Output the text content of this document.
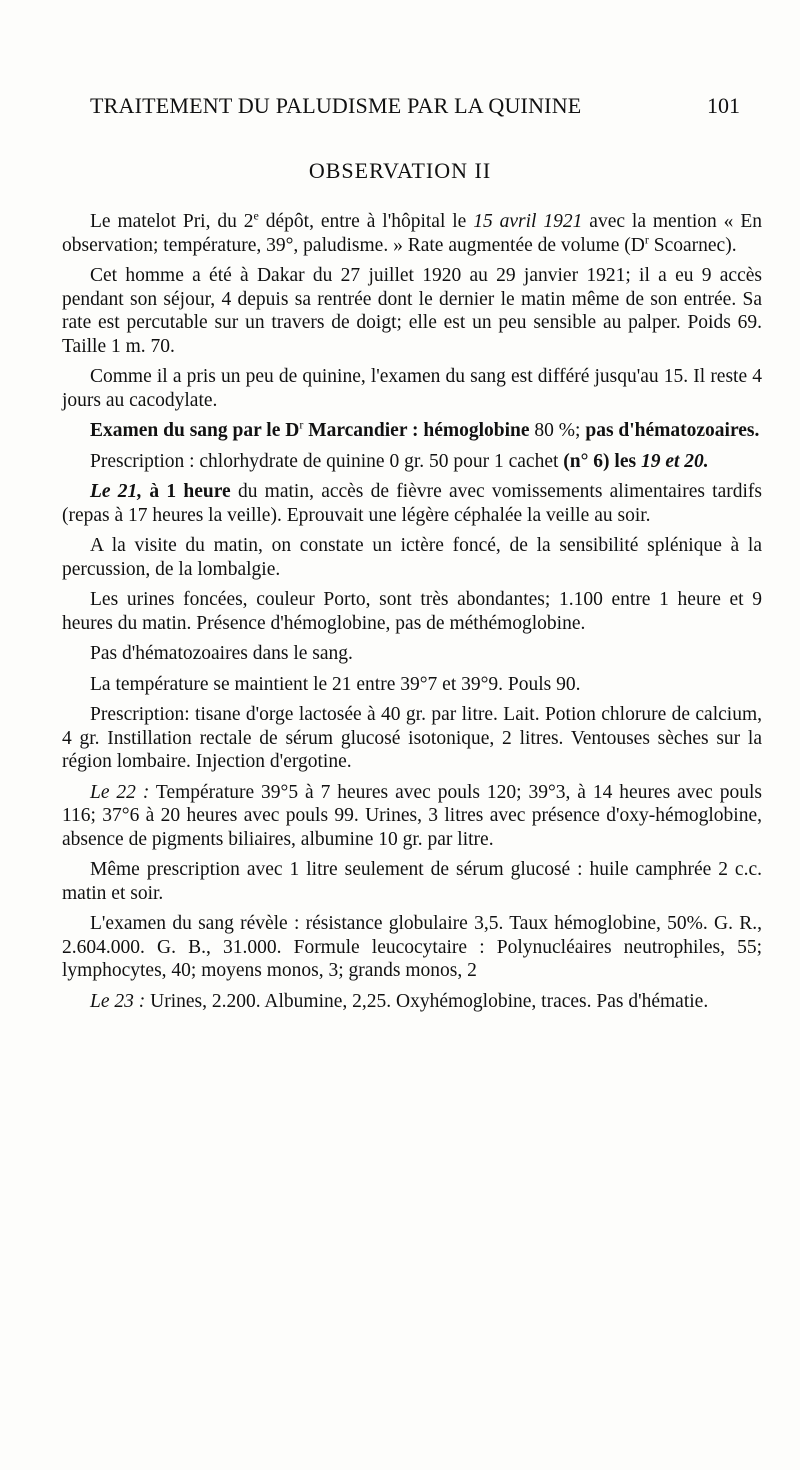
TRAITEMENT DU PALUDISME PAR LA QUININE	101
OBSERVATION II

Le matelot Pri, du 2e dépôt, entre à l'hôpital le 15 avril 1921 avec la mention « En observation; température, 39°, paludisme. » Rate augmentée de volume ($D^r$ Scoarnec).

Cet homme a été à Dakar du 27 juillet 1920 au 29 janvier 1921; il a eu 9 accès pendant son séjour, 4 depuis sa rentrée dont le dernier le matin même de son entrée. Sa rate est percutable sur un travers de doigt; elle est un peu sensible au palper. Poids 69. Taille 1 m. 70.

Comme il a pris un peu de quinine, l'examen du sang est différé jusqu'au 15. Il reste 4 jours au cacodylate.

Examen du sang par le $D^r$ Marcandier : hémoglobine 80 %; pas d'hématozoaires.

Prescription : chlorhydrate de quinine 0 gr. 50 pour 1 cachet (n° 6) les 19 et 20.

Le 21, à 1 heure du matin, accès de fièvre avec vomissements alimentaires tardifs (repas à 17 heures la veille). Eprouvait une légère céphalée la veille au soir.

A la visite du matin, on constate un ictère foncé, de la sensibilité splénique à la percussion, de la lombalgie.

Les urines foncées, couleur Porto, sont très abondantes; 1.100 entre 1 heure et 9 heures du matin. Présence d'hémoglobine, pas de méthémoglobine.

Pas d'hématozoaires dans le sang.

La température se maintient le 21 entre 39°7 et 39°9. Pouls 90.

Prescription: tisane d'orge lactosée à 40 gr. par litre. Lait. Potion chlorure de calcium, 4 gr. Instillation rectale de sérum glucosé isotonique, 2 litres. Ventouses sèches sur la région lombaire. Injection d'ergotine.

Le 22 : Température 39°5 à 7 heures avec pouls 120; 39°3, à 14 heures avec pouls 116; 37°6 à 20 heures avec pouls 99. Urines, 3 litres avec présence d'oxy-hémoglobine, absence de pigments biliaires, albumine 10 gr. par litre.

Même prescription avec 1 litre seulement de sérum glucosé : huile camphrée 2 c.c. matin et soir.

L'examen du sang révèle : résistance globulaire 3,5. Taux hémoglobine, 50%. G. R., 2.604.000. G. B., 31.000. Formule leucocytaire : Polynucléaires neutrophiles, 55; lymphocytes, 40; moyens monos, 3; grands monos, 2

Le 23 : Urines, 2.200. Albumine, 2,25. Oxyhémoglobine, traces. Pas d'hématie.
